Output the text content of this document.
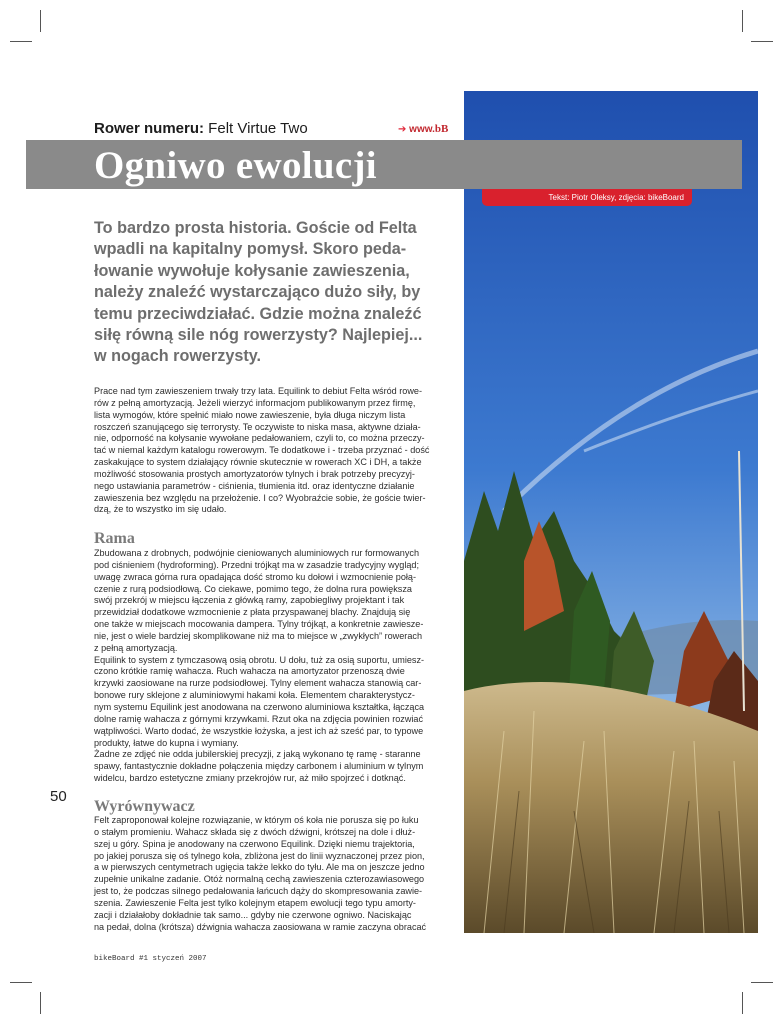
Rower numeru: Felt Virtue Two	➔ www.bB
Ogniwo ewolucji
Tekst: Piotr Oleksy, zdjęcia: bikeBoard
To bardzo prosta historia. Goście od Felta
wpadli na kapitalny pomysł. Skoro peda-
łowanie wywołuje kołysanie zawieszenia,
należy znaleźć wystarczająco dużo siły, by
temu przeciwdziałać. Gdzie można znaleźć
siłę równą sile nóg rowerzysty? Najlepiej...
w nogach rowerzysty.
Prace nad tym zawieszeniem trwały trzy lata. Equilink to debiut Felta wśród rowe-
rów z pełną amortyzacją. Jeżeli wierzyć informacjom publikowanym przez firmę,
lista wymogów, które spełnić miało nowe zawieszenie, była długa niczym lista
roszczeń szanującego się terrorysty. Te oczywiste to niska masa, aktywne działa-
nie, odporność na kołysanie wywołane pedałowaniem, czyli to, co można przeczy-
tać w niemal każdym katalogu rowerowym. Te dodatkowe i - trzeba przyznać - dość
zaskakujące to system działający równie skutecznie w rowerach XC i DH, a także
możliwość stosowania prostych amortyzatorów tylnych i brak potrzeby precyzyj-
nego ustawiania parametrów - ciśnienia, tłumienia itd. oraz identyczne działanie
zawieszenia bez względu na przełożenie. I co? Wyobraźcie sobie, że goście twier-
dzą, że to wszystko im się udało.
Rama
Zbudowana z drobnych, podwójnie cieniowanych aluminiowych rur formowanych
pod ciśnieniem (hydroforming). Przedni trójkąt ma w zasadzie tradycyjny wygląd;
uwagę zwraca górna rura opadająca dość stromo ku dołowi i wzmocnienie połą-
czenie z rurą podsiodłową. Co ciekawe, pomimo tego, że dolna rura powiększa
swój przekrój w miejscu łączenia z główką ramy, zapobiegliwy projektant i tak
przewidział dodatkowe wzmocnienie z płata przyspawanej blachy. Znajdują się
one także w miejscach mocowania dampera. Tylny trójkąt, a konkretnie zawiesze-
nie, jest o wiele bardziej skomplikowane niż ma to miejsce w „zwykłych” rowerach
z pełną amortyzacją.
Equilink to system z tymczasową osią obrotu. U dołu, tuż za osią suportu, umiesz-
czono krótkie ramię wahacza. Ruch wahacza na amortyzator przenoszą dwie
krzywki zaosiowane na rurze podsiodłowej. Tylny element wahacza stanowią car-
bonowe rury sklejone z aluminiowymi hakami koła. Elementem charakterystycz-
nym systemu Equilink jest anodowana na czerwono aluminiowa kształtka, łącząca
dolne ramię wahacza z górnymi krzywkami. Rzut oka na zdjęcia powinien rozwiać
wątpliwości. Warto dodać, że wszystkie łożyska, a jest ich aż sześć par, to typowe
produkty, łatwe do kupna i wymiany.
Żadne ze zdjęć nie odda jubilerskiej precyzji, z jaką wykonano tę ramę - staranne
spawy, fantastycznie dokładne połączenia między carbonem i aluminium w tylnym
widelcu, bardzo estetyczne zmiany przekrojów rur, aż miło spojrzeć i dotknąć.
50
Wyrównywacz
Felt zaproponował kolejne rozwiązanie, w którym oś koła nie porusza się po łuku
o stałym promieniu. Wahacz składa się z dwóch dźwigni, krótszej na dole i dłuż-
szej u góry. Spina je anodowany na czerwono Equilink. Dzięki niemu trajektoria,
po jakiej porusza się oś tylnego koła, zbliżona jest do linii wyznaczonej przez pion,
a w pierwszych centymetrach ugięcia także lekko do tyłu. Ale ma on jeszcze jedno
zupełnie unikalne zadanie. Otóż normalną cechą zawieszenia czterozawiasowego
jest to, że podczas silnego pedałowania łańcuch dąży do skompresowania zawie-
szenia. Zawieszenie Felta jest tylko kolejnym etapem ewolucji tego typu amorty-
zacji i działałoby dokładnie tak samo... gdyby nie czerwone ogniwo. Naciskając
na pedał, dolna (krótsza) dźwignia wahacza zaosiowana w ramie zaczyna obracać
bikeBoard #1 styczeń 2007
